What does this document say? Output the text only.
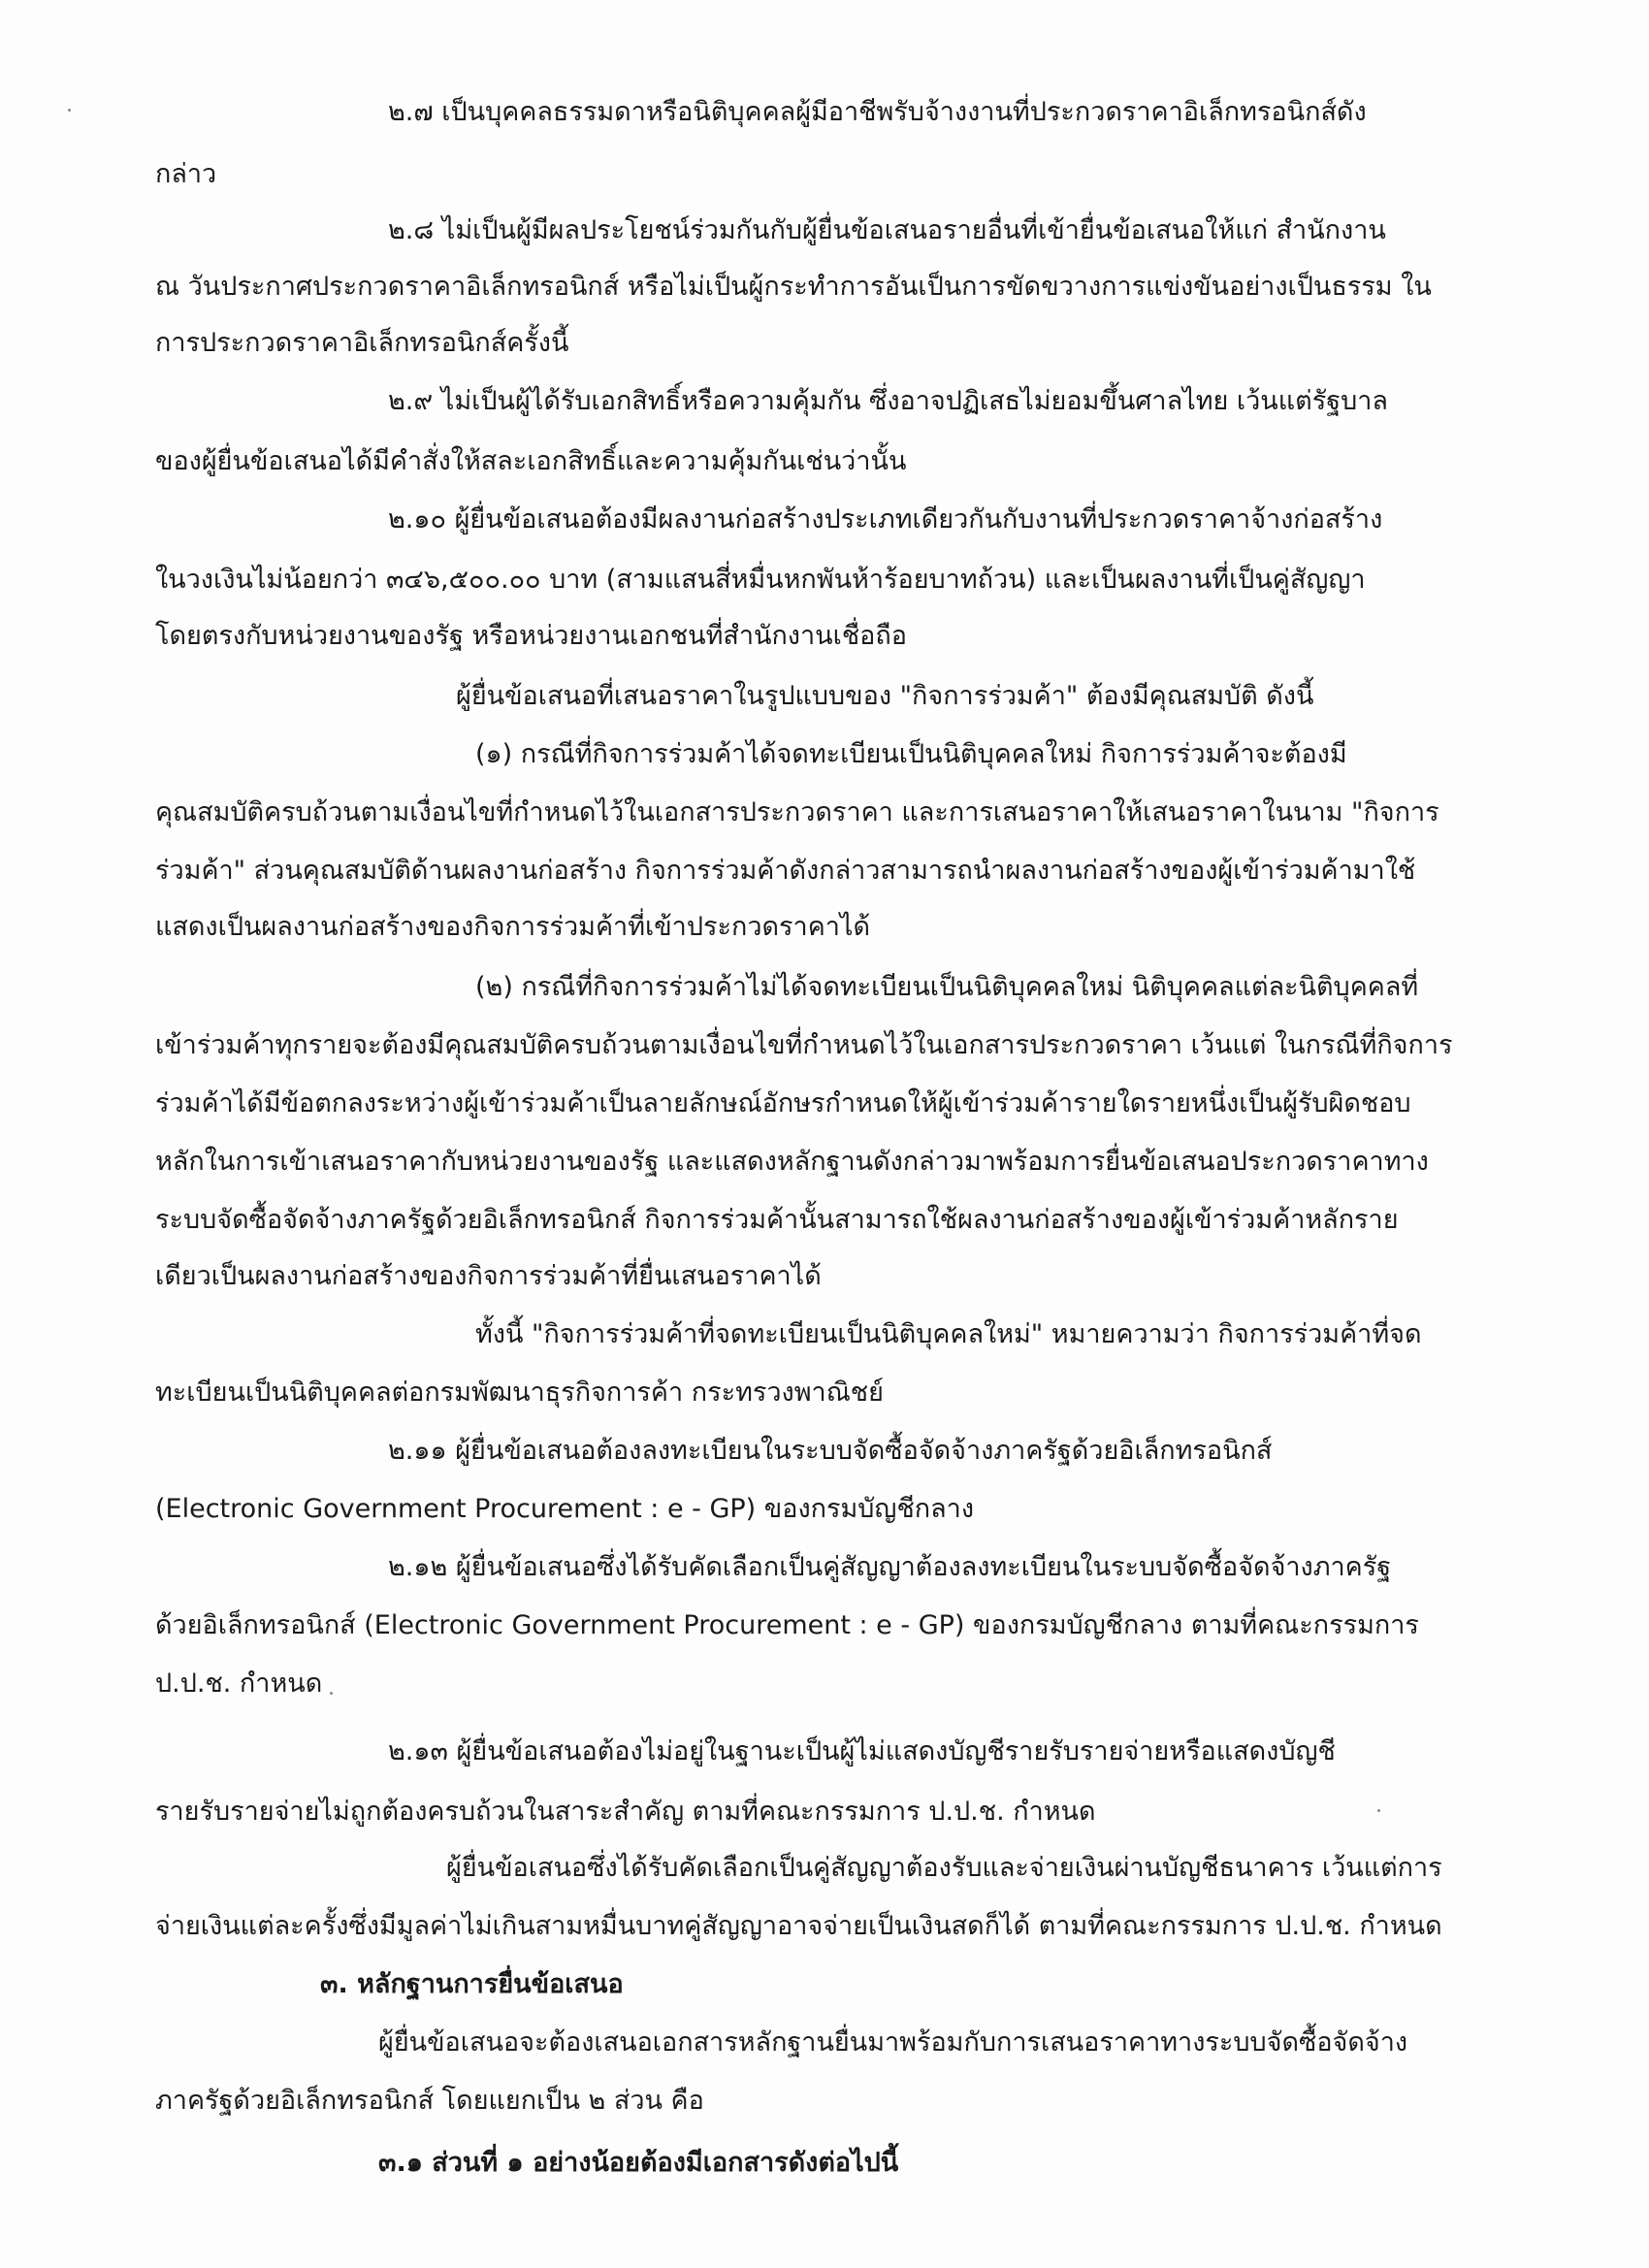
๒.๗ เป็นบุคคลธรรมดาหรือนิติบุคคลผู้มีอาชีพรับจ้างงานที่ประกวดราคาอิเล็กทรอนิกส์ดัง

กล่าว

๒.๘ ไม่เป็นผู้มีผลประโยชน์ร่วมกันกับผู้ยื่นข้อเสนอรายอื่นที่เข้ายื่นข้อเสนอให้แก่ สำนักงาน

ณ วันประกาศประกวดราคาอิเล็กทรอนิกส์ หรือไม่เป็นผู้กระทำการอันเป็นการขัดขวางการแข่งขันอย่างเป็นธรรม ใน

การประกวดราคาอิเล็กทรอนิกส์ครั้งนี้

๒.๙ ไม่เป็นผู้ได้รับเอกสิทธิ์หรือความคุ้มกัน ซึ่งอาจปฏิเสธไม่ยอมขึ้นศาลไทย เว้นแต่รัฐบาล

ของผู้ยื่นข้อเสนอได้มีคำสั่งให้สละเอกสิทธิ์และความคุ้มกันเช่นว่านั้น

๒.๑๐ ผู้ยื่นข้อเสนอต้องมีผลงานก่อสร้างประเภทเดียวกันกับงานที่ประกวดราคาจ้างก่อสร้าง

ในวงเงินไม่น้อยกว่า ๓๔๖,๕๐๐.๐๐ บาท (สามแสนสี่หมื่นหกพันห้าร้อยบาทถ้วน) และเป็นผลงานที่เป็นคู่สัญญา

โดยตรงกับหน่วยงานของรัฐ หรือหน่วยงานเอกชนที่สำนักงานเชื่อถือ

ผู้ยื่นข้อเสนอที่เสนอราคาในรูปแบบของ "กิจการร่วมค้า" ต้องมีคุณสมบัติ ดังนี้

(๑) กรณีที่กิจการร่วมค้าได้จดทะเบียนเป็นนิติบุคคลใหม่ กิจการร่วมค้าจะต้องมี

คุณสมบัติครบถ้วนตามเงื่อนไขที่กำหนดไว้ในเอกสารประกวดราคา และการเสนอราคาให้เสนอราคาในนาม "กิจการ

ร่วมค้า" ส่วนคุณสมบัติด้านผลงานก่อสร้าง กิจการร่วมค้าดังกล่าวสามารถนำผลงานก่อสร้างของผู้เข้าร่วมค้ามาใช้

แสดงเป็นผลงานก่อสร้างของกิจการร่วมค้าที่เข้าประกวดราคาได้

(๒) กรณีที่กิจการร่วมค้าไม่ได้จดทะเบียนเป็นนิติบุคคลใหม่ นิติบุคคลแต่ละนิติบุคคลที่

เข้าร่วมค้าทุกรายจะต้องมีคุณสมบัติครบถ้วนตามเงื่อนไขที่กำหนดไว้ในเอกสารประกวดราคา เว้นแต่ ในกรณีที่กิจการ

ร่วมค้าได้มีข้อตกลงระหว่างผู้เข้าร่วมค้าเป็นลายลักษณ์อักษรกำหนดให้ผู้เข้าร่วมค้ารายใดรายหนึ่งเป็นผู้รับผิดชอบ

หลักในการเข้าเสนอราคากับหน่วยงานของรัฐ และแสดงหลักฐานดังกล่าวมาพร้อมการยื่นข้อเสนอประกวดราคาทาง

ระบบจัดซื้อจัดจ้างภาครัฐด้วยอิเล็กทรอนิกส์ กิจการร่วมค้านั้นสามารถใช้ผลงานก่อสร้างของผู้เข้าร่วมค้าหลักราย

เดียวเป็นผลงานก่อสร้างของกิจการร่วมค้าที่ยื่นเสนอราคาได้

ทั้งนี้ "กิจการร่วมค้าที่จดทะเบียนเป็นนิติบุคคลใหม่" หมายความว่า กิจการร่วมค้าที่จด

ทะเบียนเป็นนิติบุคคลต่อกรมพัฒนาธุรกิจการค้า กระทรวงพาณิชย์

๒.๑๑ ผู้ยื่นข้อเสนอต้องลงทะเบียนในระบบจัดซื้อจัดจ้างภาครัฐด้วยอิเล็กทรอนิกส์

(Electronic Government Procurement : e - GP) ของกรมบัญชีกลาง

๒.๑๒ ผู้ยื่นข้อเสนอซึ่งได้รับคัดเลือกเป็นคู่สัญญาต้องลงทะเบียนในระบบจัดซื้อจัดจ้างภาครัฐ

ด้วยอิเล็กทรอนิกส์ (Electronic Government Procurement : e - GP) ของกรมบัญชีกลาง ตามที่คณะกรรมการ

ป.ป.ช. กำหนด

๒.๑๓ ผู้ยื่นข้อเสนอต้องไม่อยู่ในฐานะเป็นผู้ไม่แสดงบัญชีรายรับรายจ่ายหรือแสดงบัญชี

รายรับรายจ่ายไม่ถูกต้องครบถ้วนในสาระสำคัญ ตามที่คณะกรรมการ ป.ป.ช. กำหนด

ผู้ยื่นข้อเสนอซึ่งได้รับคัดเลือกเป็นคู่สัญญาต้องรับและจ่ายเงินผ่านบัญชีธนาคาร เว้นแต่การ

จ่ายเงินแต่ละครั้งซึ่งมีมูลค่าไม่เกินสามหมื่นบาทคู่สัญญาอาจจ่ายเป็นเงินสดก็ได้ ตามที่คณะกรรมการ ป.ป.ช. กำหนด

๓. หลักฐานการยื่นข้อเสนอ

ผู้ยื่นข้อเสนอจะต้องเสนอเอกสารหลักฐานยื่นมาพร้อมกับการเสนอราคาทางระบบจัดซื้อจัดจ้าง

ภาครัฐด้วยอิเล็กทรอนิกส์ โดยแยกเป็น ๒ ส่วน คือ

๓.๑ ส่วนที่ ๑ อย่างน้อยต้องมีเอกสารดังต่อไปนี้
